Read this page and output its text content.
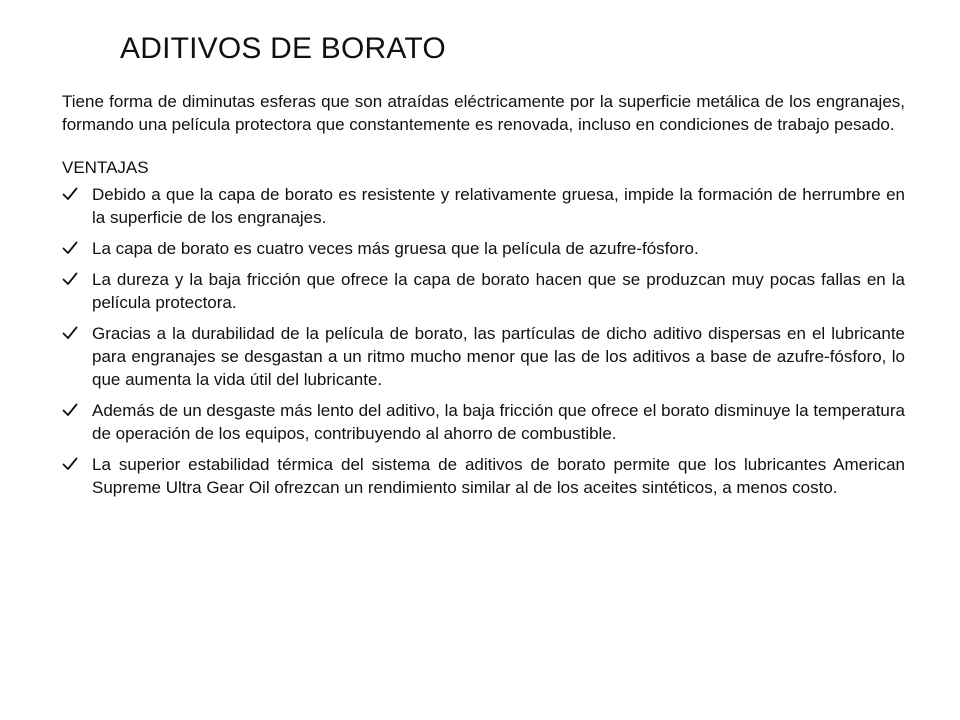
ADITIVOS DE BORATO

Tiene forma de diminutas esferas que son atraídas eléctricamente por la superficie metálica de los engranajes, formando una película protectora que constantemente es renovada, incluso en condiciones de trabajo pesado.

VENTAJAS
Debido a que la capa de borato es resistente y relativamente gruesa, impide la formación de herrumbre en la superficie de los engranajes.
La capa de borato es cuatro veces más gruesa que la película de azufre-fósforo.
La dureza y la baja fricción que ofrece la capa de borato hacen que se produzcan muy pocas fallas en la película protectora.
Gracias a la durabilidad de la película de borato, las partículas de dicho aditivo dispersas en el lubricante para engranajes se desgastan a un ritmo mucho menor que las de los aditivos a base de azufre-fósforo, lo que aumenta la vida útil del lubricante.
Además de un desgaste más lento del aditivo, la baja fricción que ofrece el borato disminuye la temperatura de operación de los equipos, contribuyendo al ahorro de combustible.
La superior estabilidad térmica del sistema de aditivos de borato permite que los lubricantes American Supreme Ultra Gear Oil ofrezcan un rendimiento similar al de los aceites sintéticos, a menos costo.
